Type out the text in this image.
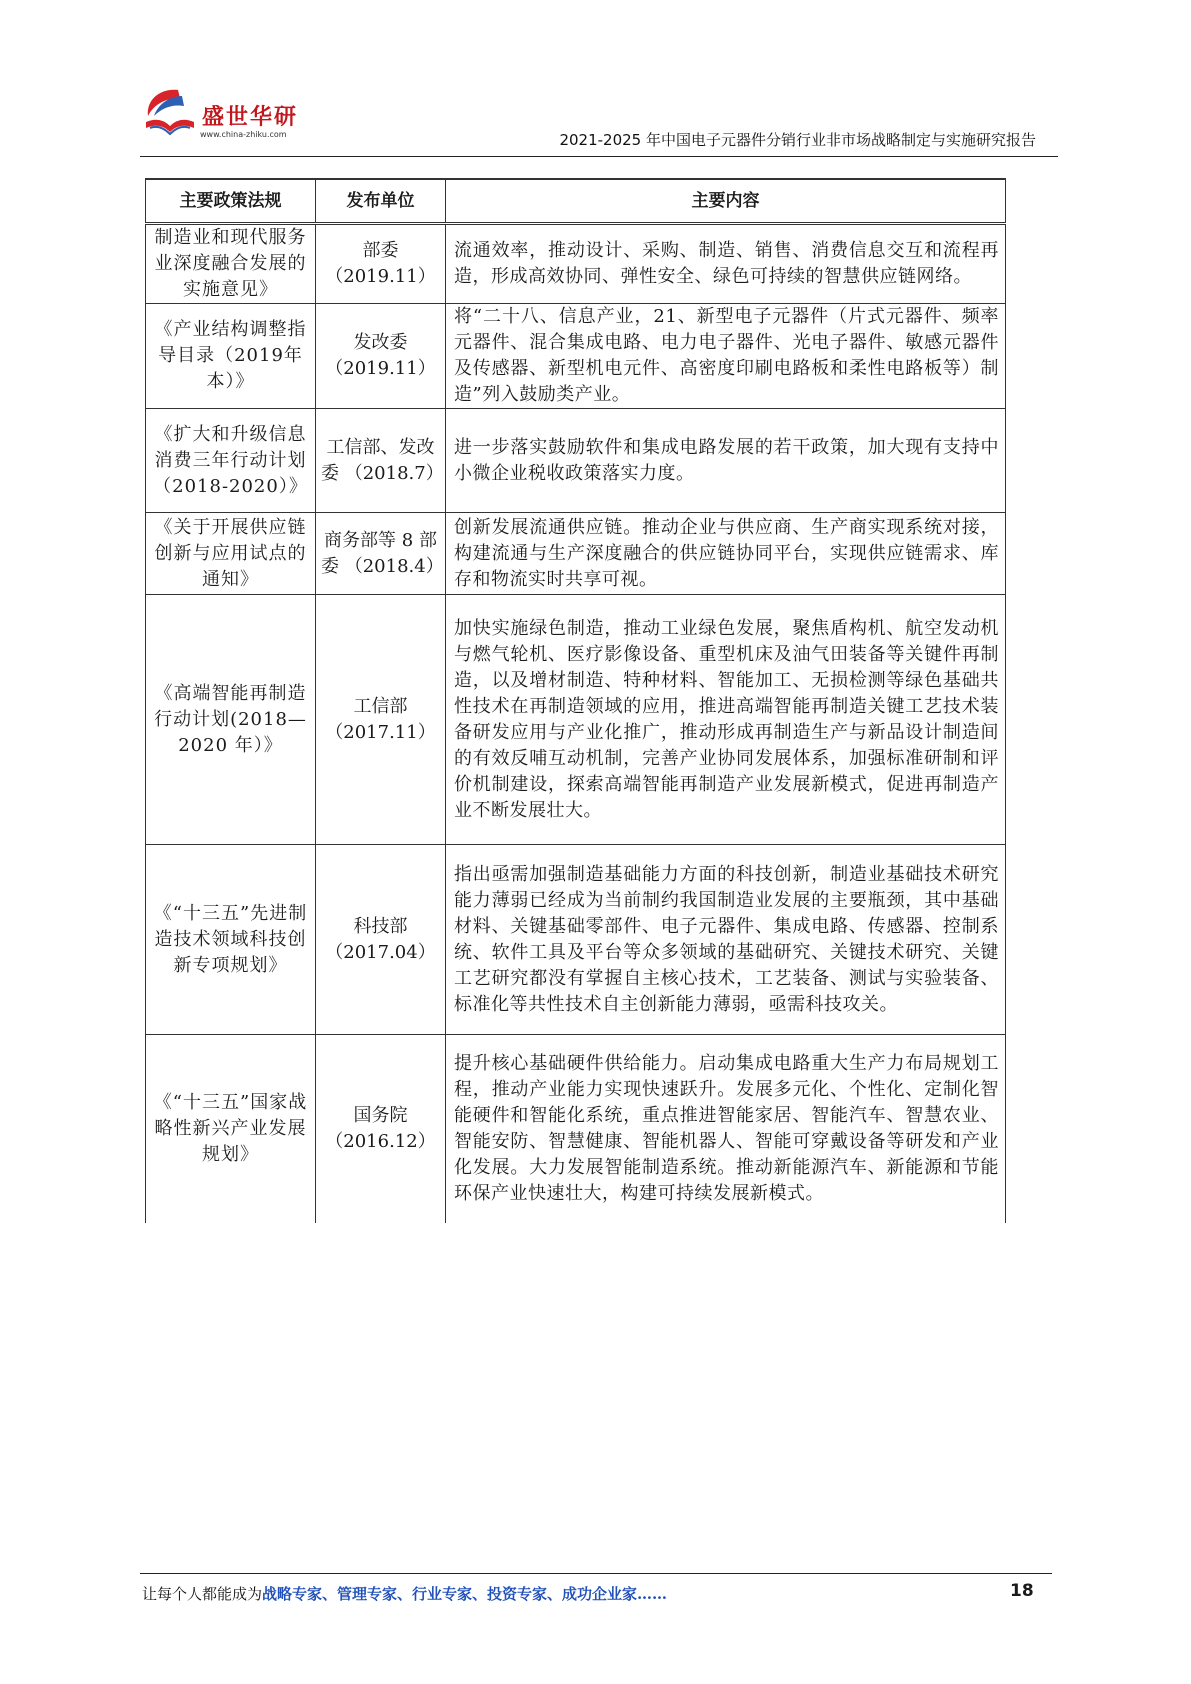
盛世华研
www.china-zhiku.com	2021-2025 年中国电子元器件分销行业非市场战略制定与实施研究报告
主要政策法规	发布单位	主要内容
制造业和现代服务业深度融合发展的实施意见》	部委 （2019.11）	流通效率，推动设计、采购、制造、销售、消费信息交互和流程再造，形成高效协同、弹性安全、绿色可持续的智慧供应链网络。
《产业结构调整指导目录（2019年本）》	发改委 （2019.11）	将“二十八、信息产业，21、新型电子元器件（片式元器件、频率元器件、混合集成电路、电力电子器件、光电子器件、敏感元器件及传感器、新型机电元件、高密度印刷电路板和柔性电路板等）制造”列入鼓励类产业。
《扩大和升级信息消费三年行动计划 （2018-2020）》	工信部、发改委 （2018.7）	进一步落实鼓励软件和集成电路发展的若干政策，加大现有支持中小微企业税收政策落实力度。
《关于开展供应链创新与应用试点的通知》	商务部等 8 部委 （2018.4）	创新发展流通供应链。推动企业与供应商、生产商实现系统对接，构建流通与生产深度融合的供应链协同平台，实现供应链需求、库存和物流实时共享可视。
《高端智能再制造行动计划(2018—2020 年）》	工信部 （2017.11）	加快实施绿色制造，推动工业绿色发展，聚焦盾构机、航空发动机与燃气轮机、医疗影像设备、重型机床及油气田装备等关键件再制造，以及增材制造、特种材料、智能加工、无损检测等绿色基础共性技术在再制造领域的应用，推进高端智能再制造关键工艺技术装备研发应用与产业化推广，推动形成再制造生产与新品设计制造间的有效反哺互动机制，完善产业协同发展体系，加强标准研制和评价机制建设，探索高端智能再制造产业发展新模式，促进再制造产业不断发展壮大。
《“十三五”先进制造技术领域科技创新专项规划》	科技部 （2017.04）	指出亟需加强制造基础能力方面的科技创新，制造业基础技术研究能力薄弱已经成为当前制约我国制造业发展的主要瓶颈，其中基础材料、关键基础零部件、电子元器件、集成电路、传感器、控制系统、软件工具及平台等众多领域的基础研究、关键技术研究、关键工艺研究都没有掌握自主核心技术，工艺装备、测试与实验装备、标准化等共性技术自主创新能力薄弱，亟需科技攻关。
《“十三五”国家战略性新兴产业发展规划》	国务院 （2016.12）	提升核心基础硬件供给能力。启动集成电路重大生产力布局规划工程，推动产业能力实现快速跃升。发展多元化、个性化、定制化智能硬件和智能化系统，重点推进智能家居、智能汽车、智慧农业、智能安防、智慧健康、智能机器人、智能可穿戴设备等研发和产业化发展。大力发展智能制造系统。推动新能源汽车、新能源和节能环保产业快速壮大，构建可持续发展新模式。
让每个人都能成为战略专家、管理专家、行业专家、投资专家、成功企业家……	18
